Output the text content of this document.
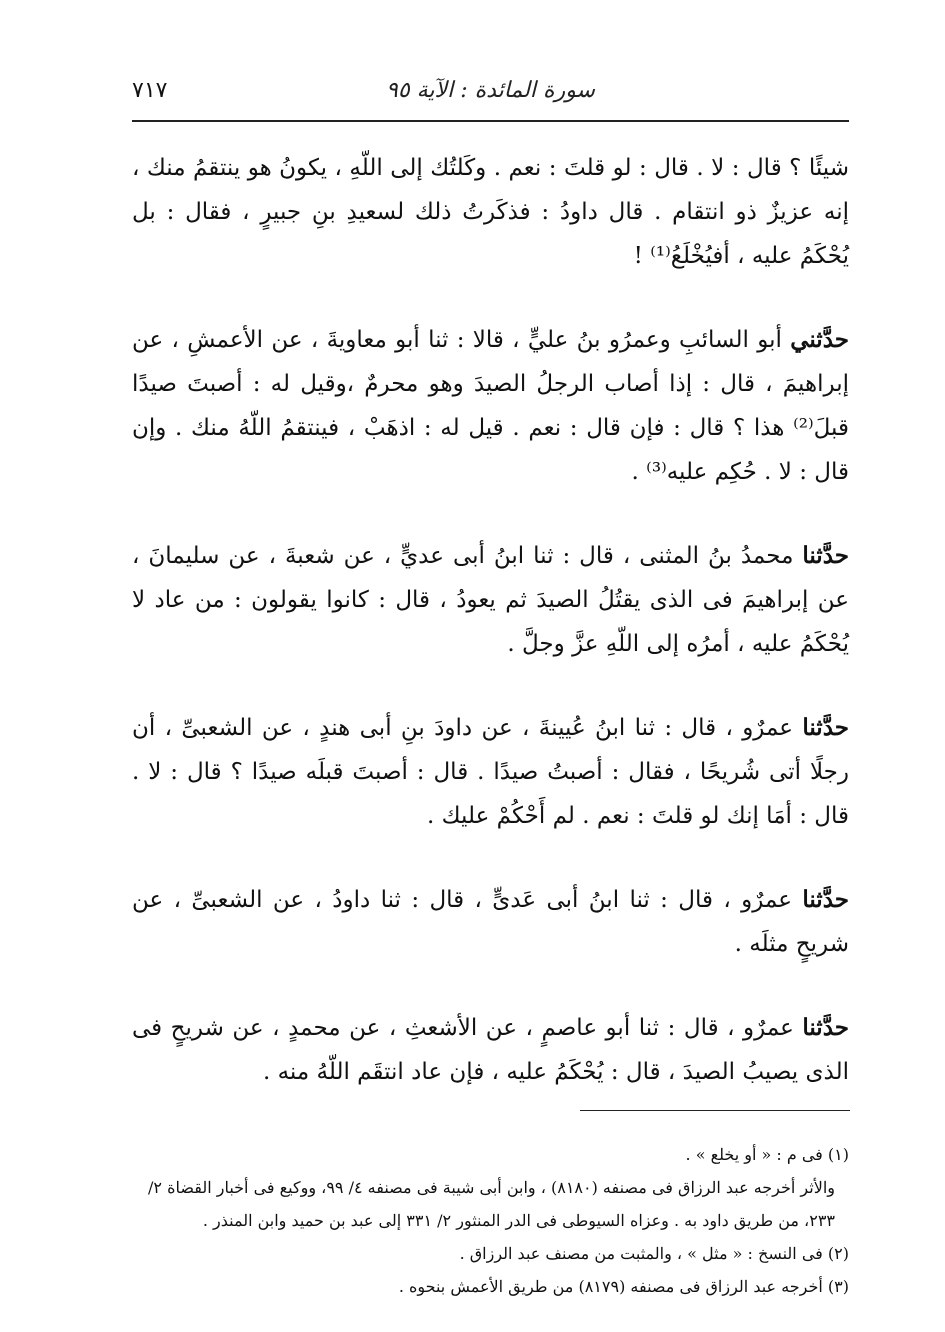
سورة المائدة : الآية ٩٥
٧١٧

شيئًا ؟ قال : لا . قال : لو قلتَ : نعم . وكَلتُك إلى اللّهِ ، يكونُ هو ينتقمُ منك ، إنه عزيزٌ ذو انتقام . قال داودُ : فذكَرتُ ذلك لسعيدِ بنِ جبيرٍ ، فقال : بل يُحْكَمُ عليه ، أفيُخْلَعُ⁽¹⁾ !

حدَّثني أبو السائبِ وعمرُو بنُ عليٍّ ، قالا : ثنا أبو معاويةَ ، عن الأعمشِ ، عن إبراهيمَ ، قال : إذا أصاب الرجلُ الصيدَ وهو محرمٌ ،وقيل له : أصبتَ صيدًا قبلَ⁽²⁾ هذا ؟ قال : فإن قال : نعم . قيل له : اذهَبْ ، فينتقمُ اللّهُ منك . وإن قال : لا . حُكِم عليه⁽³⁾ .

حدَّثنا محمدُ بنُ المثنى ، قال : ثنا ابنُ أبى عديٍّ ، عن شعبةَ ، عن سليمانَ ، عن إبراهيمَ فى الذى يقتُلُ الصيدَ ثم يعودُ ، قال : كانوا يقولون : من عاد لا يُحْكَمُ عليه ، أمرُه إلى اللّهِ عزَّ وجلَّ .

حدَّثنا عمرٌو ، قال : ثنا ابنُ عُيينةَ ، عن داودَ بنِ أبى هندٍ ، عن الشعبىِّ ، أن رجلًا أتى شُريحًا ، فقال : أصبتُ صيدًا . قال : أصبتَ قبلَه صيدًا ؟ قال : لا . قال : أمَا إنك لو قلتَ : نعم . لم أَحْكُمْ عليك .

حدَّثنا عمرٌو ، قال : ثنا ابنُ أبى عَدىٍّ ، قال : ثنا داودُ ، عن الشعبىِّ ، عن شريحٍ مثلَه .

حدَّثنا عمرٌو ، قال : ثنا أبو عاصمٍ ، عن الأشعثِ ، عن محمدٍ ، عن شريحٍ فى الذى يصيبُ الصيدَ ، قال : يُحْكَمُ عليه ، فإن عاد انتقَم اللّهُ منه .

(١) فى م : « أو يخلع » .

والأثر أخرجه عبد الرزاق فى مصنفه (٨١٨٠) ، وابن أبى شيبة فى مصنفه ٤/ ٩٩، ووكيع فى أخبار القضاة ٢/ ٢٣٣، من طريق داود به . وعزاه السيوطى فى الدر المنثور ٢/ ٣٣١ إلى عبد بن حميد وابن المنذر .

(٢) فى النسخ : « مثل » ، والمثبت من مصنف عبد الرزاق .

(٣) أخرجه عبد الرزاق فى مصنفه (٨١٧٩) من طريق الأعمش بنحوه .
